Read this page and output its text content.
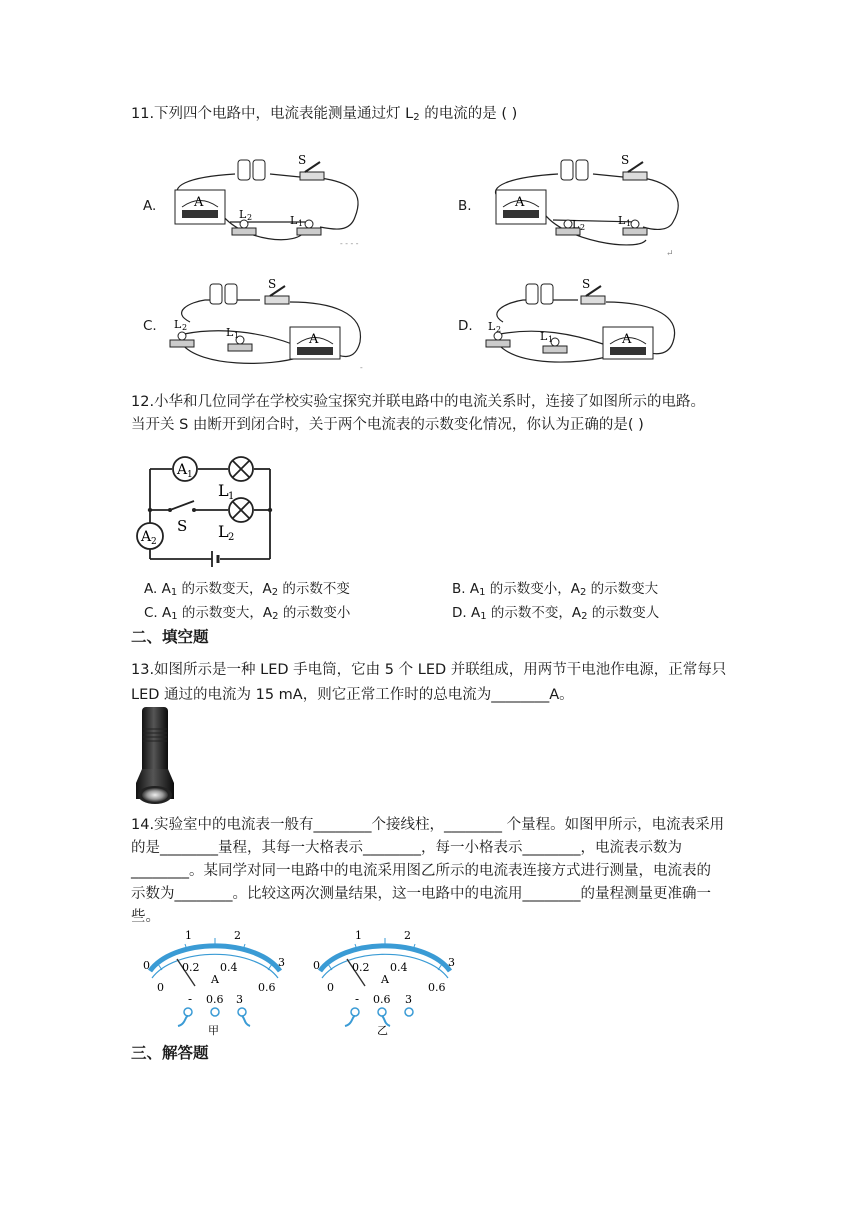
11.下列四个电路中，电流表能测量通过灯 $L_2$ 的电流的是 ( )
A.	B.
C.	D.
S
A
L 2	L 1
- - - -
S
A
L 2
L 1
↵
S
A
L 2	L 1
-
S
A
L 2
L 1
12.小华和几位同学在学校实验宝探究并联电路中的电流关系时，连接了如图所示的电路。
当开关 S 由断开到闭合时，关于两个电流表的示数变化情况，你认为正确的是( )
A 1
A 2
L 1
L 2
S
A. $A_1$ 的示数变天，$A_2$ 的示数不变	B. $A_1$ 的示数变小，$A_2$ 的示数变大
C. $A_1$ 的示数变大，$A_2$ 的示数变小	D. $A_1$ 的示数不变，$A_2$ 的示数变人
二、填空题
13.如图所示是一种 LED 手电筒，它由 5 个 LED 并联组成，用两节干电池作电源，正常每只
LED 通过的电流为 15 mA，则它正常工作时的总电流为________A。
14.实验室中的电流表一般有________个接线柱，________ 个量程。如图甲所示，电流表采用
的是________量程，其每一大格表示________，每一小格表示________，电流表示数为
________。某同学对同一电路中的电流采用图乙所示的电流表连接方式进行测量，电流表的
示数为________。比较这两次测量结果，这一电路中的电流用________的量程测量更准确一
些。
0
1	2
3
0
0.2 0.4
0.6
A
- 0.6 3
甲
0
1	2
3
0
0.2 0.4
0.6
A
- 0.6 3
乙
三、解答题
